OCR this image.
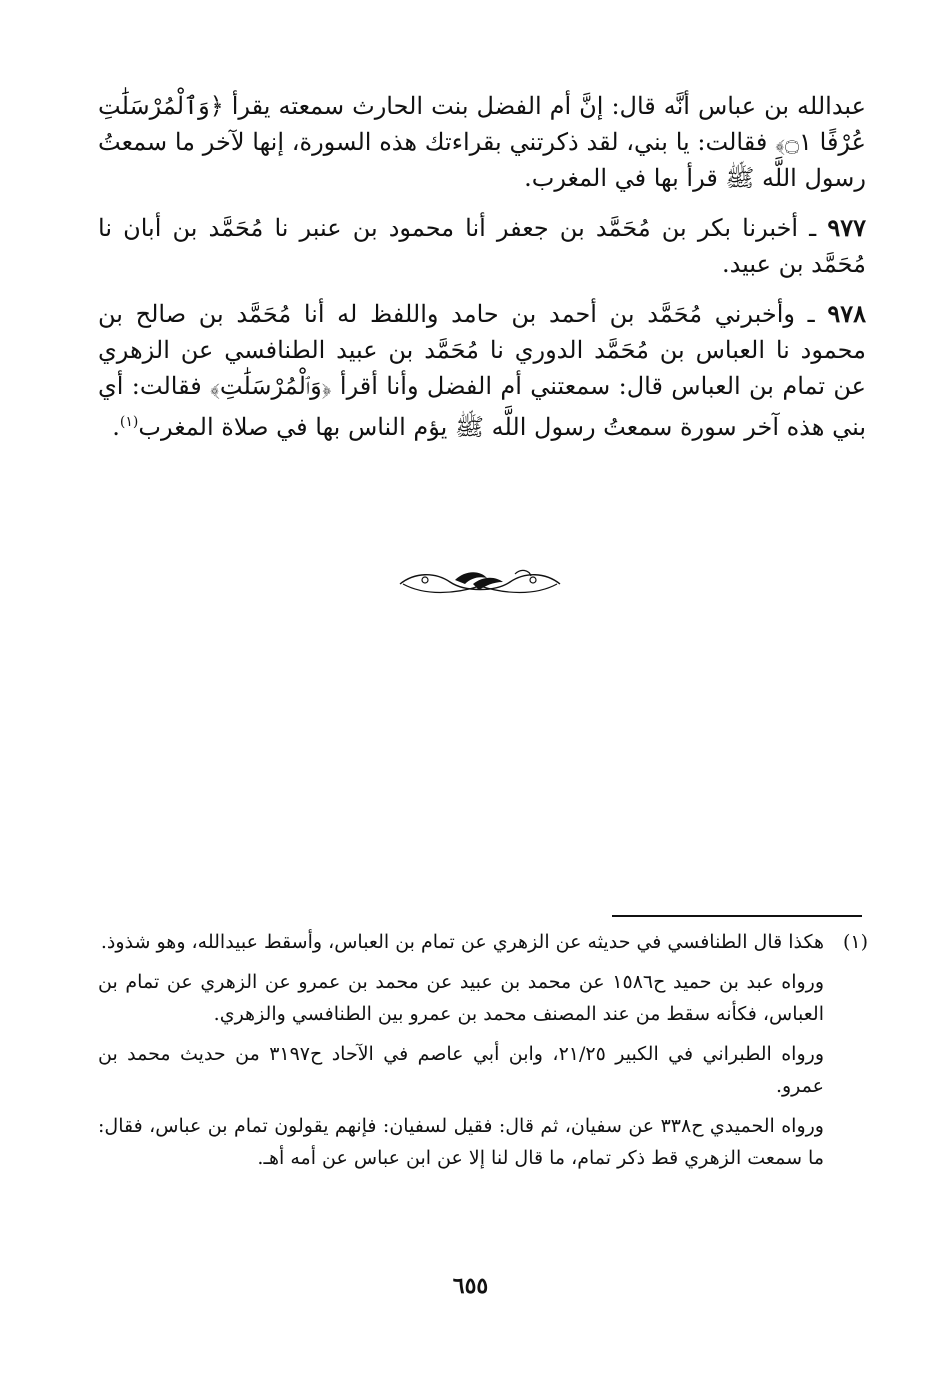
عبدالله بن عباس أنَّه قال: إنَّ أم الفضل بنت الحارث سمعته يقرأ ﴿وَٱلْمُرْسَلَٰتِ عُرْفًا ۝١﴾ فقالت: يا بني، لقد ذكرتني بقراءتك هذه السورة، إنها لآخر ما سمعتُ رسول اللَّه ﷺ قرأ بها في المغرب.

٩٧٧ ـ أخبرنا بكر بن مُحَمَّد بن جعفر أنا محمود بن عنبر نا مُحَمَّد بن أبان نا مُحَمَّد بن عبيد.

٩٧٨ ـ وأخبرني مُحَمَّد بن أحمد بن حامد واللفظ له أنا مُحَمَّد بن صالح بن محمود نا العباس بن مُحَمَّد الدوري نا مُحَمَّد بن عبيد الطنافسي عن الزهري عن تمام بن العباس قال: سمعتني أم الفضل وأنا أقرأ ﴿وَٱلْمُرْسَلَٰتِ﴾ فقالت: أي بني هذه آخر سورة سمعتُ رسول اللَّه ﷺ يؤم الناس بها في صلاة المغرب$^{(١)}$.

(١)هكذا قال الطنافسي في حديثه عن الزهري عن تمام بن العباس، وأسقط عبيدالله، وهو شذوذ.

ورواه عبد بن حميد ح١٥٨٦ عن محمد بن عبيد عن محمد بن عمرو عن الزهري عن تمام بن العباس، فكأنه سقط من عند المصنف محمد بن عمرو بين الطنافسي والزهري.

ورواه الطبراني في الكبير ٢١/٢٥، وابن أبي عاصم في الآحاد ح٣١٩٧ من حديث محمد بن عمرو.

ورواه الحميدي ح٣٣٨ عن سفيان، ثم قال: فقيل لسفيان: فإنهم يقولون تمام بن عباس، فقال: ما سمعت الزهري قط ذكر تمام، ما قال لنا إلا عن ابن عباس عن أمه أهـ.

٦٥٥
